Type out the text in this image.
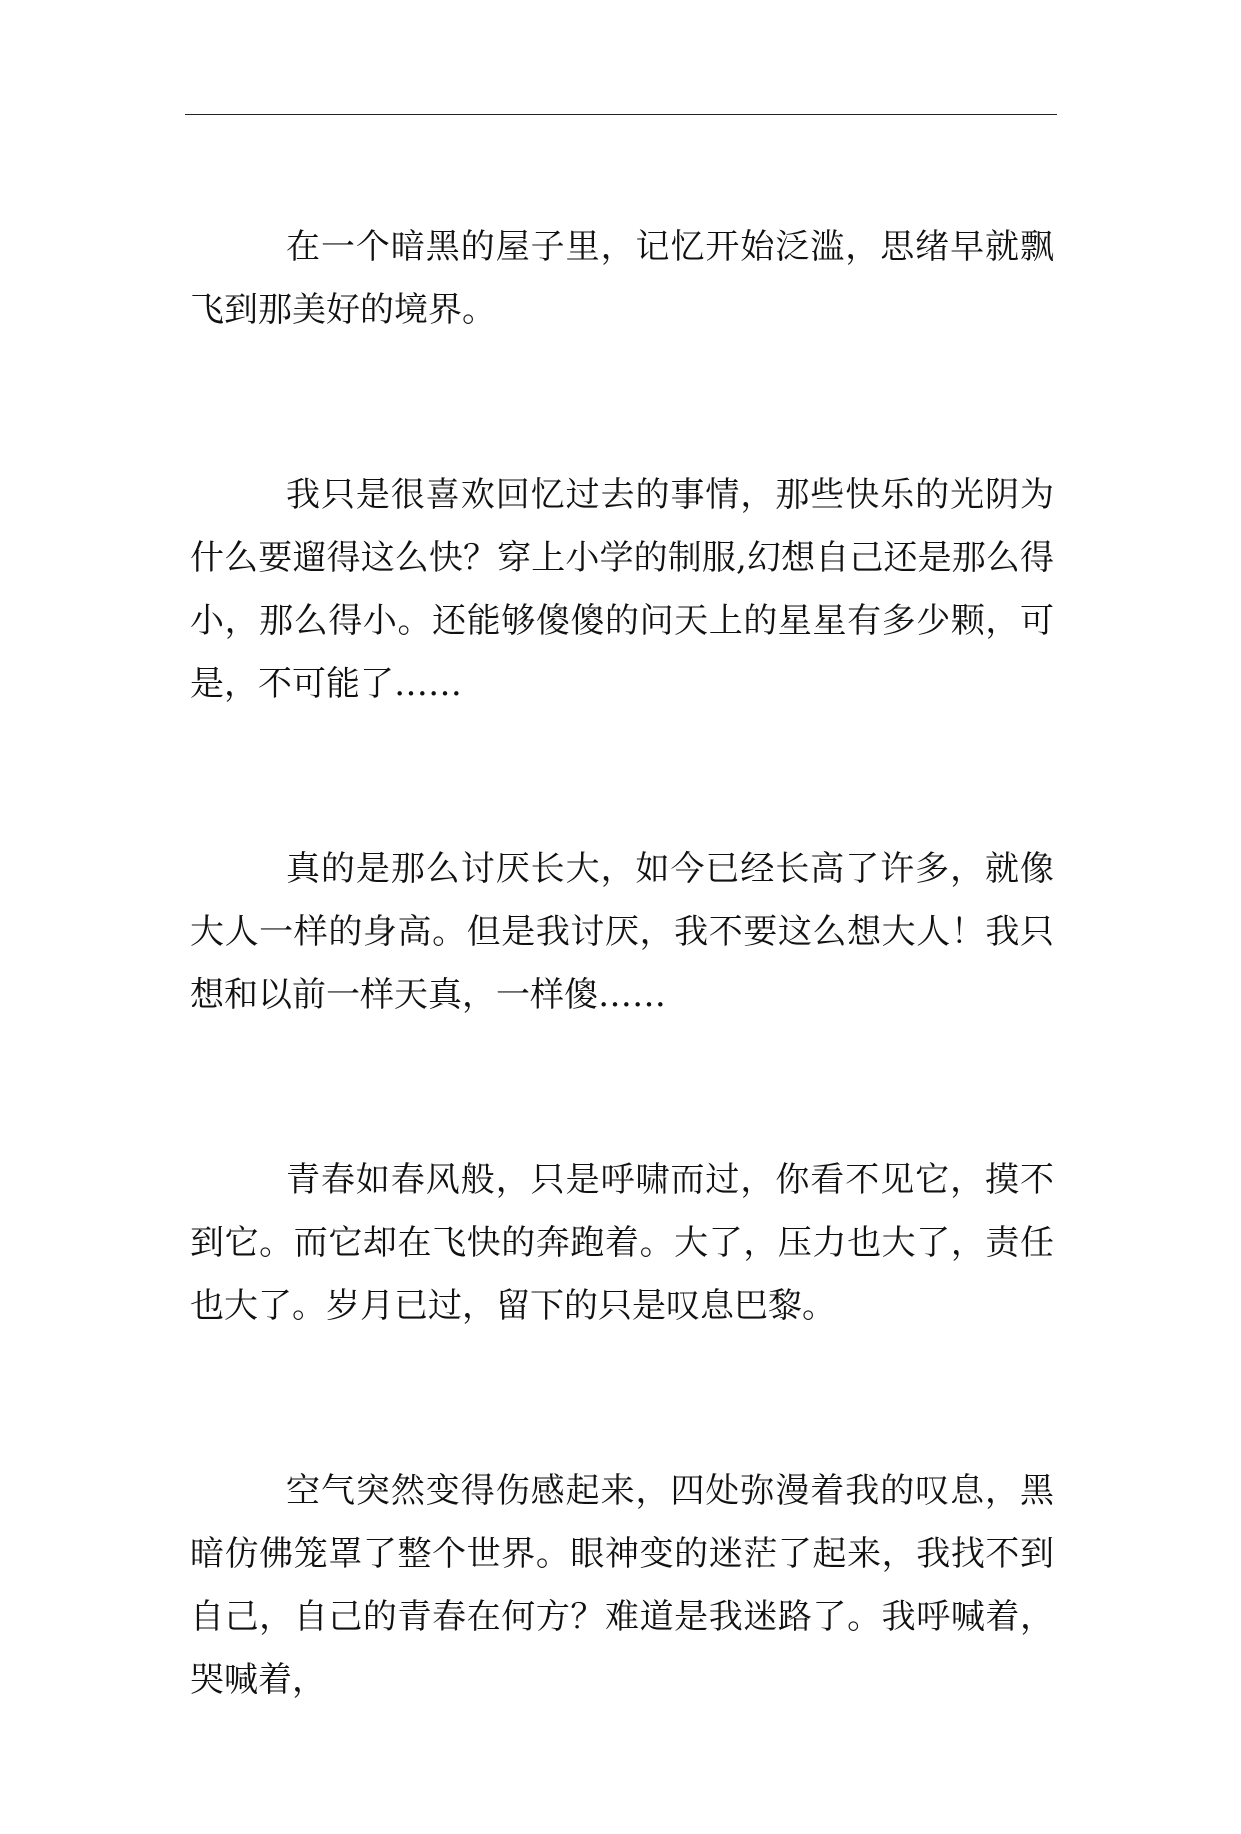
在一个暗黑的屋子里，记忆开始泛滥，思绪早就飘飞到那美好的境界。

我只是很喜欢回忆过去的事情，那些快乐的光阴为什么要遛得这么快？穿上小学的制服,幻想自己还是那么得小，那么得小。还能够傻傻的问天上的星星有多少颗，可是，不可能了……

真的是那么讨厌长大，如今已经长高了许多，就像大人一样的身高。但是我讨厌，我不要这么想大人！我只想和以前一样天真，一样傻……

青春如春风般，只是呼啸而过，你看不见它，摸不到它。而它却在飞快的奔跑着。大了，压力也大了，责任也大了。岁月已过，留下的只是叹息巴黎。

空气突然变得伤感起来，四处弥漫着我的叹息，黑暗仿佛笼罩了整个世界。眼神变的迷茫了起来，我找不到自己，自己的青春在何方？难道是我迷路了。我呼喊着，哭喊着，
